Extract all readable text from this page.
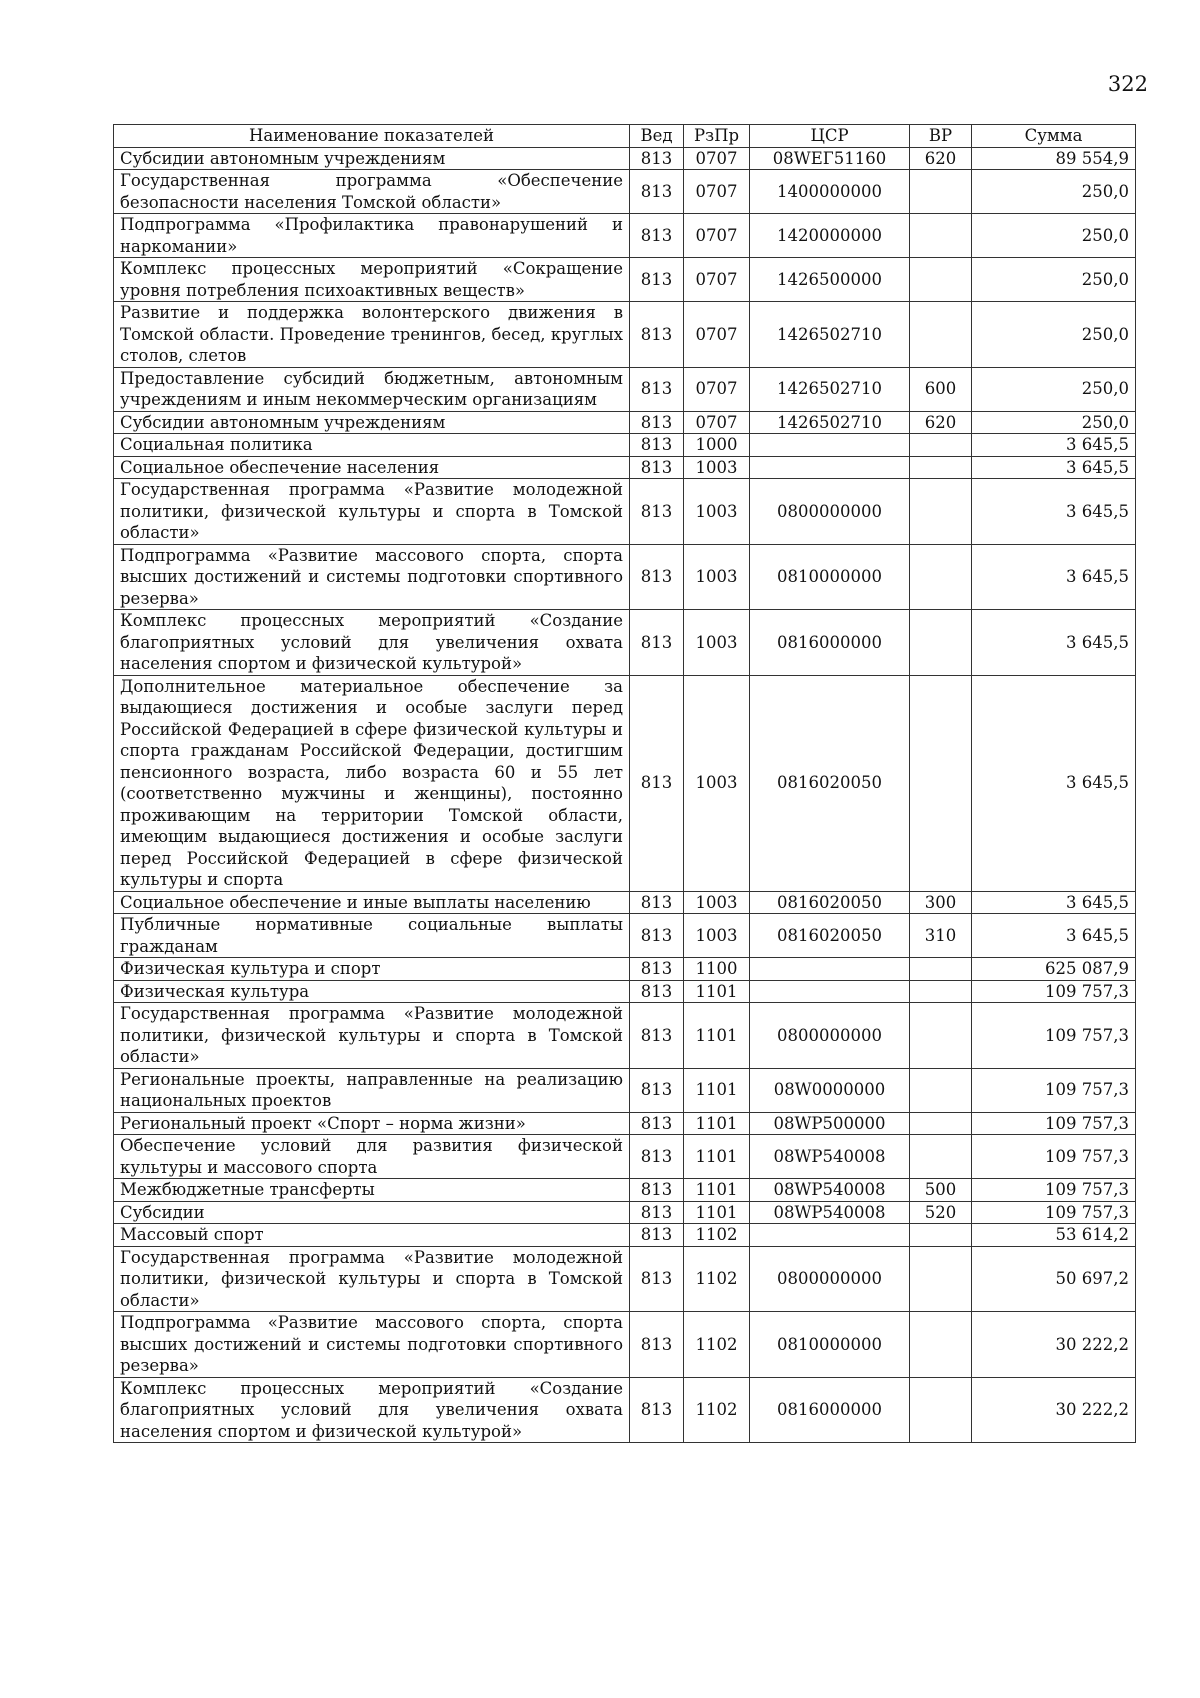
322
Наименование показателей	Вед	РзПр	ЦСР	ВР	Сумма
Субсидии автономным учреждениям	813	0707	08WЕГ51160	620	89 554,9
Государственная программа «Обеспечение безопасности населения Томской области»	813	0707	1400000000		250,0
Подпрограмма «Профилактика правонарушений и наркомании»	813	0707	1420000000		250,0
Комплекс процессных мероприятий «Сокращение уровня потребления психоактивных веществ»	813	0707	1426500000		250,0
Развитие и поддержка волонтерского движения в Томской области. Проведение тренингов, бесед, круглых столов, слетов	813	0707	1426502710		250,0
Предоставление субсидий бюджетным, автономным учреждениям и иным некоммерческим организациям	813	0707	1426502710	600	250,0
Субсидии автономным учреждениям	813	0707	1426502710	620	250,0
Социальная политика	813	1000			3 645,5
Социальное обеспечение населения	813	1003			3 645,5
Государственная программа «Развитие молодежной политики, физической культуры и спорта в Томской области»	813	1003	0800000000		3 645,5
Подпрограмма «Развитие массового спорта, спорта высших достижений и системы подготовки спортивного резерва»	813	1003	0810000000		3 645,5
Комплекс процессных мероприятий «Создание благоприятных условий для увеличения охвата населения спортом и физической культурой»	813	1003	0816000000		3 645,5
Дополнительное материальное обеспечение за выдающиеся достижения и особые заслуги перед Российской Федерацией в сфере физической культуры и спорта гражданам Российской Федерации, достигшим пенсионного возраста, либо возраста 60 и 55 лет (соответственно мужчины и женщины), постоянно проживающим на территории Томской области, имеющим выдающиеся достижения и особые заслуги перед Российской Федерацией в сфере физической культуры и спорта	813	1003	0816020050		3 645,5
Социальное обеспечение и иные выплаты населению	813	1003	0816020050	300	3 645,5
Публичные нормативные социальные выплаты гражданам	813	1003	0816020050	310	3 645,5
Физическая культура и спорт	813	1100			625 087,9
Физическая культура	813	1101			109 757,3
Государственная программа «Развитие молодежной политики, физической культуры и спорта в Томской области»	813	1101	0800000000		109 757,3
Региональные проекты, направленные на реализацию национальных проектов	813	1101	08W0000000		109 757,3
Региональный проект «Спорт – норма жизни»	813	1101	08WP500000		109 757,3
Обеспечение условий для развития физической культуры и массового спорта	813	1101	08WP540008		109 757,3
Межбюджетные трансферты	813	1101	08WP540008	500	109 757,3
Субсидии	813	1101	08WP540008	520	109 757,3
Массовый спорт	813	1102			53 614,2
Государственная программа «Развитие молодежной политики, физической культуры и спорта в Томской области»	813	1102	0800000000		50 697,2
Подпрограмма «Развитие массового спорта, спорта высших достижений и системы подготовки спортивного резерва»	813	1102	0810000000		30 222,2
Комплекс процессных мероприятий «Создание благоприятных условий для увеличения охвата населения спортом и физической культурой»	813	1102	0816000000		30 222,2
